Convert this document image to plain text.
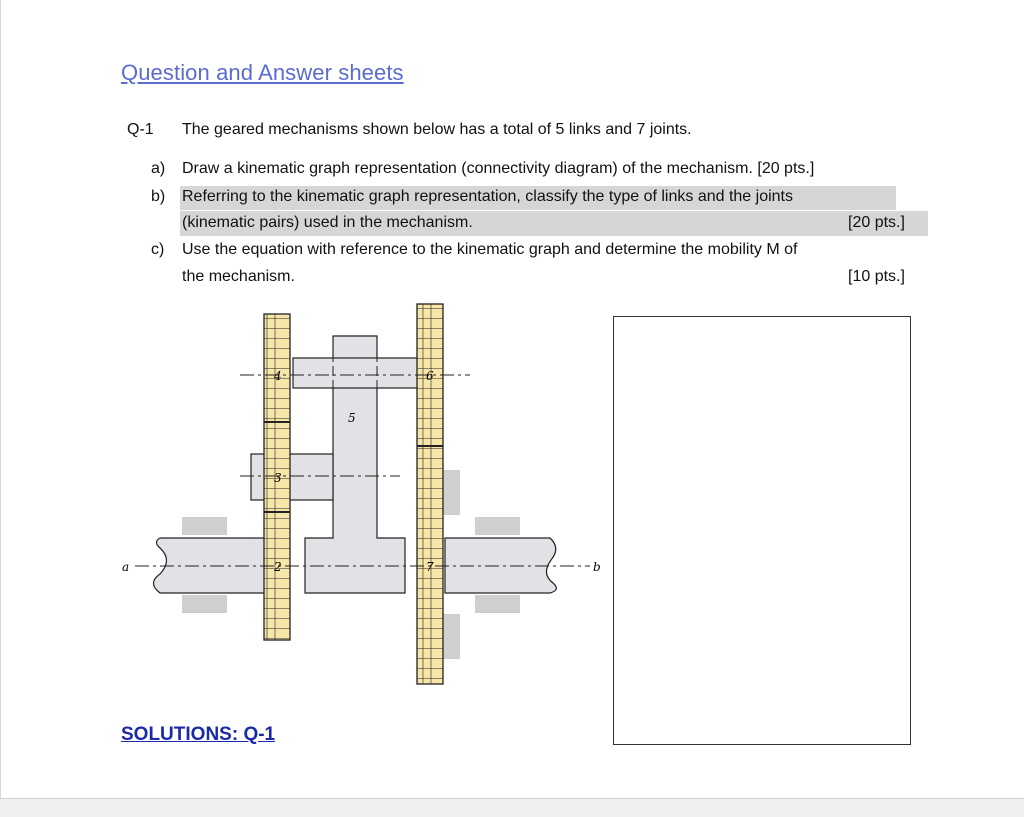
Question and Answer sheets
Q-1 The geared mechanisms shown below has a total of 5 links and 7 joints.
a) Draw a kinematic graph representation (connectivity diagram) of the mechanism. [20 pts.]
b) Referring to the kinematic graph representation, classify the type of links and the joints
(kinematic pairs) used in the mechanism.	[20 pts.]
c) Use the equation with reference to the kinematic graph and determine the mobility M of
the mechanism.	[10 pts.]
4
3
2
6
7
5
a	b
SOLUTIONS: Q-1
